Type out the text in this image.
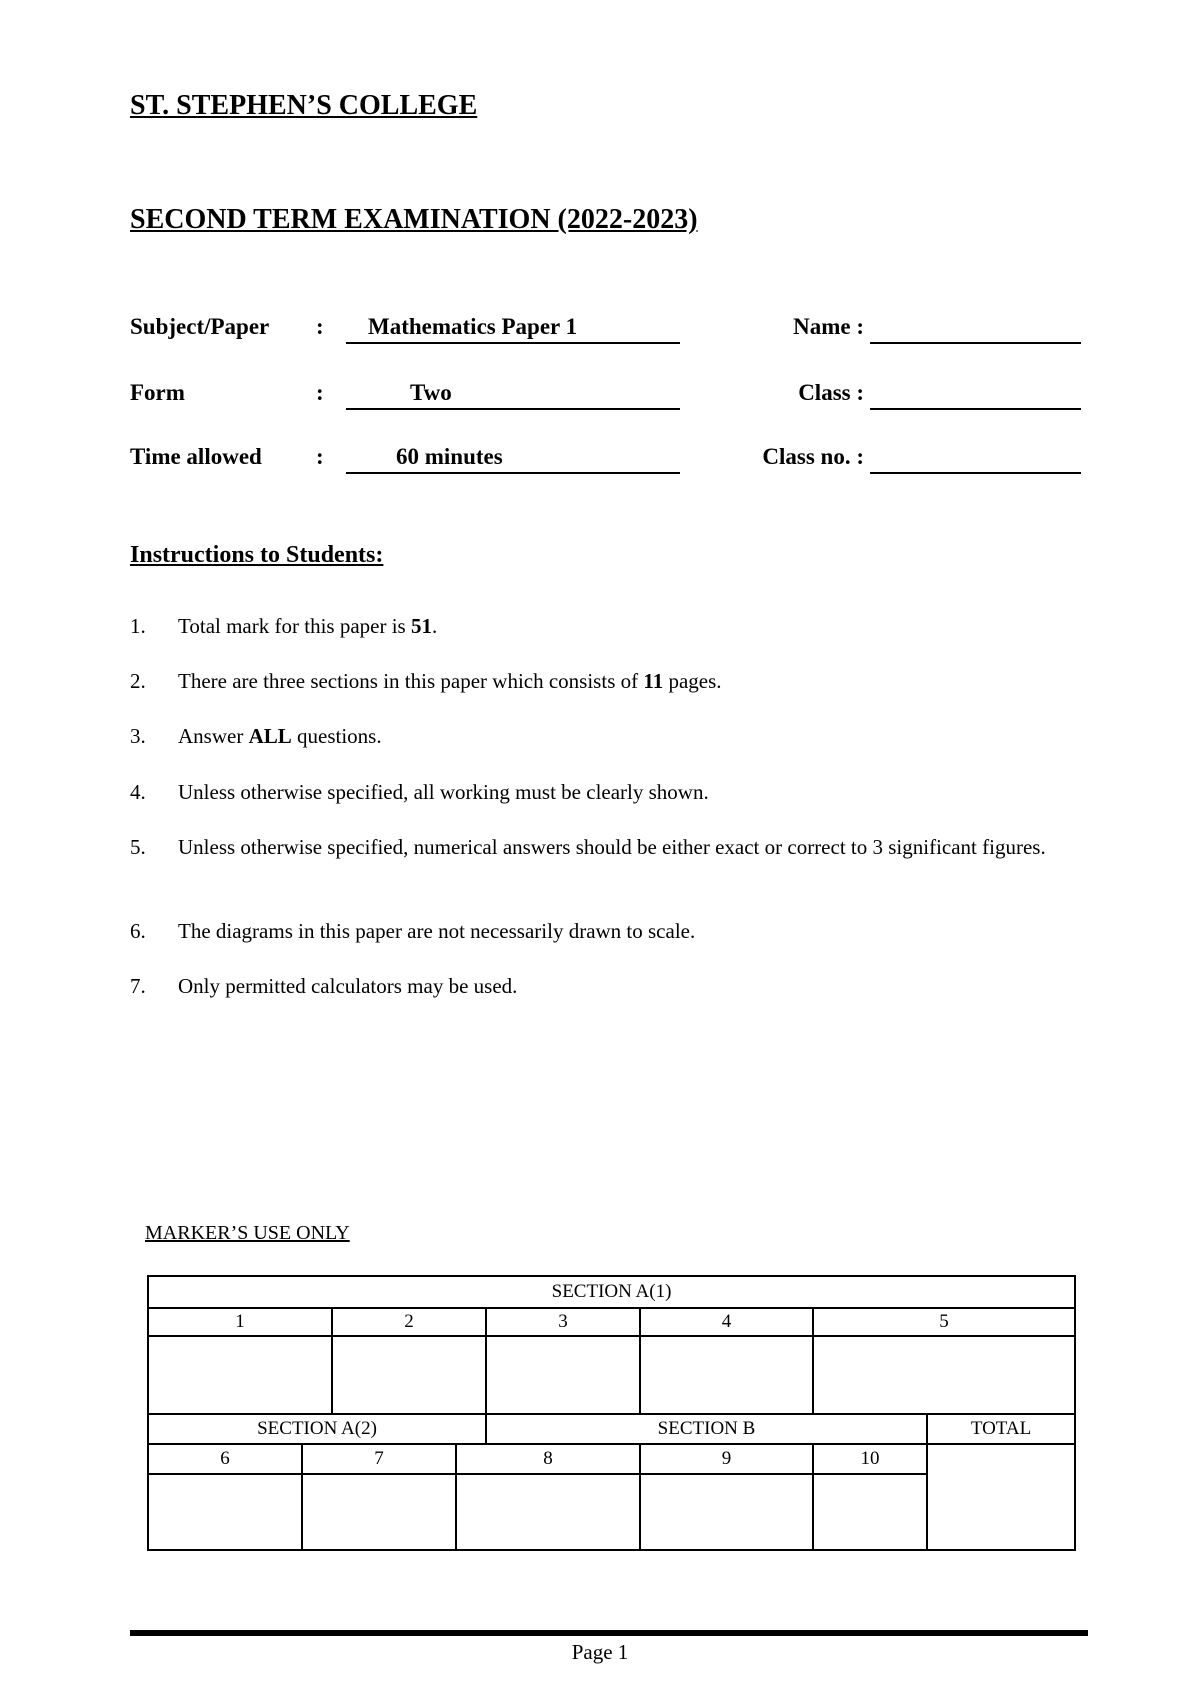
ST. STEPHEN’S COLLEGE
SECOND TERM EXAMINATION (2022-2023)
Subject/Paper :	Mathematics Paper 1	Name :
Form	:	Two	Class :
Time allowed :	60 minutes	Class no. :
Instructions to Students:
1. Total mark for this paper is 51.
2. There are three sections in this paper which consists of 11 pages.
3. Answer ALL questions.
4. Unless otherwise specified, all working must be clearly shown.
5. Unless otherwise specified, numerical answers should be either exact or correct to 3 significant figures.
6. The diagrams in this paper are not necessarily drawn to scale.
7. Only permitted calculators may be used.
MARKER’S USE ONLY
SECTION A(1)							
1		2		3	4	5	

SECTION A(2)				SECTION B			TOTAL
6	7		8		9	10	

Page 1
